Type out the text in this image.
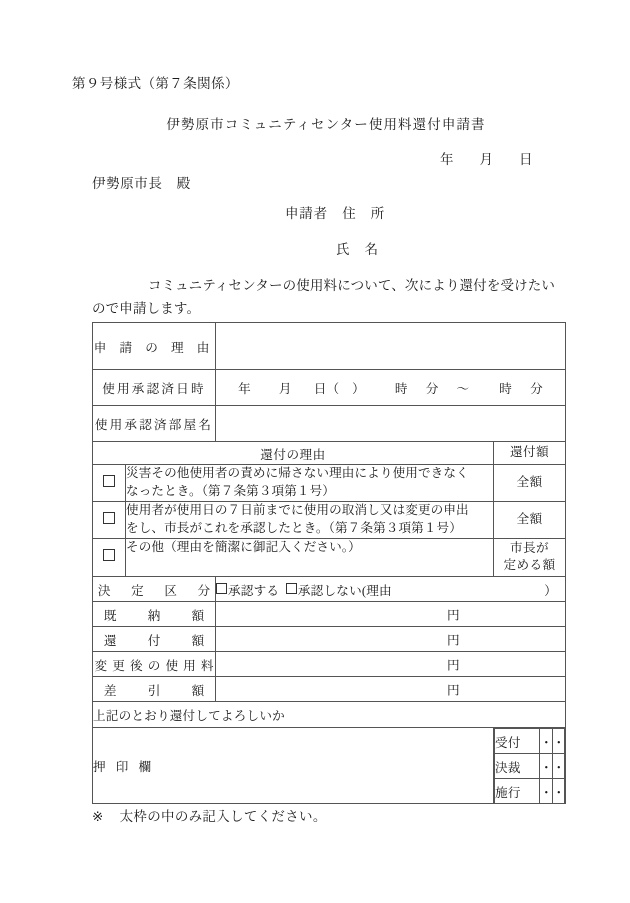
第９号様式（第７条関係）
伊勢原市コミュニティセンター使用料還付申請書
年 月 日
伊勢原市長　殿
申請者　住　所
氏　名
コミュニティセンターの使用料について、次により還付を受けたい
ので申請します。
申 請 の 理 由	
使用承認済日時	年 月 日（　） 時 分 〜 時 分
使用承認済部屋名	
還付の理由	還付額

災害その他使用者の責めに帰さない理由により使用できなく
なったとき。（第７条第３項第１号）
	全額

使用者が使用日の７日前までに使用の取消し又は変更の申出
をし、市長がこれを承認したとき。（第７条第３項第１号）
	全額

その他（理由を簡潔に御記入ください。）	市長が
定める額

決　定　区　分	承認する 承認しない(理由	）

既　　納　　額	円

還　　付　　額	円

変 更 後 の 使 用 料	円

差　　引　　額	円

上記のとおり還付してよろしいか
押 印 欄	
受付	・	・
決裁	・	・
施行	・	・
※ 太枠の中のみ記入してください。
